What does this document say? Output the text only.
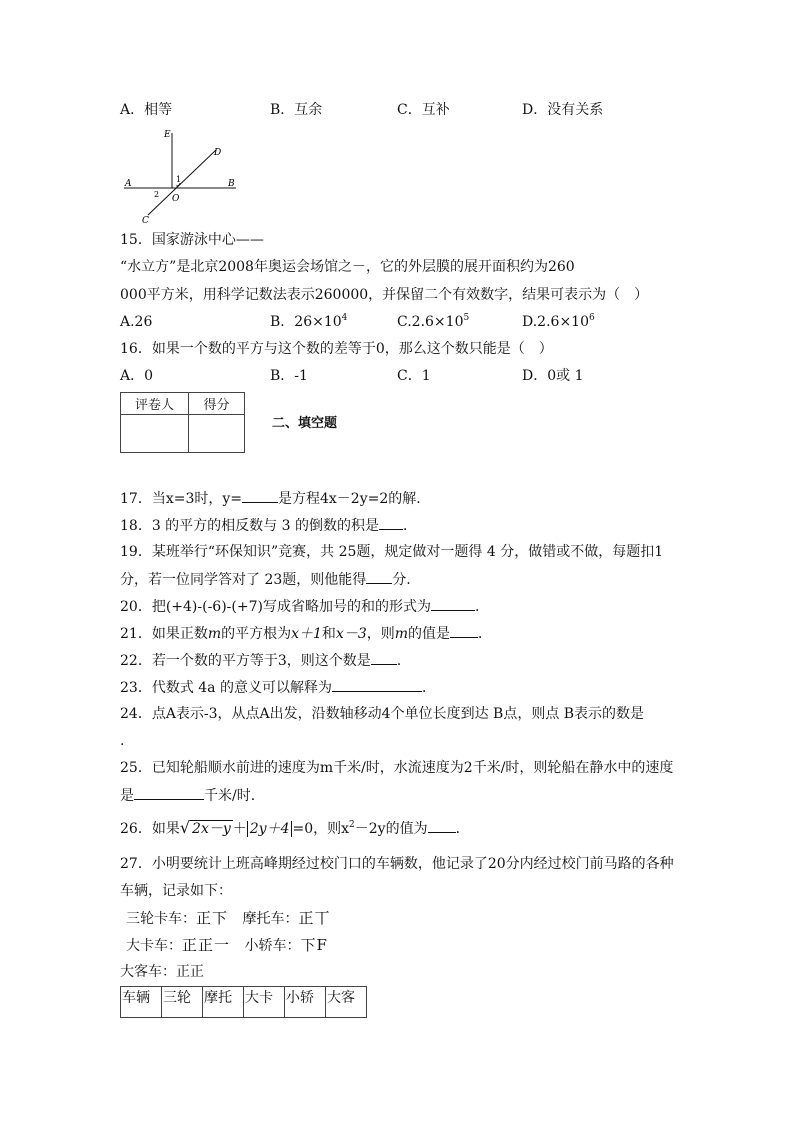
A．相等	B．互余	C．互补	D．没有关系
E
D
A	B
1
2 O
C
15．国家游泳中心——
“水立方”是北京2008年奥运会场馆之－，它的外层膜的展开面积约为260
000平方米，用科学记数法表示260000，并保留二个有效数字，结果可表示为（　）
A.26	B．$26\times 10^4$	$C.2.6\times 10^5$	$D.2.6\times 10^6$
16．如果一个数的平方与这个数的差等于0，那么这个数只能是（　）
A．0	B．-1	C．1	D．0或 1
评卷人	得分

二、填空题
17．当x=3时，y=	是方程4x－2y=2的解．
18．3 的平方的相反数与 3 的倒数的积是 ．
19．某班举行“环保知识”竞赛，共 25题，规定做对一题得 4 分，做错或不做，每题扣1
分，若一位同学答对了 23题，则他能得 分.
20．把(+4)-(-6)-(+7)写成省略加号的和的形式为	.
21．如果正数m的平方根为x＋1和x－3，则m的值是 ．
22．若一个数的平方等于3，则这个数是 .
23．代数式 4a 的意义可以解释为	．
24．点A表示-3，从点A出发，沿数轴移动4个单位长度到达 B点，则点 B表示的数是
.
25．已知轮船顺水前进的速度为m千米/时，水流速度为2千米/时，则轮船在静水中的速度
是	千米/时.
26．如果√ 2x－y ＋ 2y＋4 =0，则$x^2-2y$的值为 ．
27．小明要统计上班高峰期经过校门口的车辆数，他记录了20分内经过校门前马路的各种
车辆，记录如下：
三轮卡车：正下 摩托车：正丅
大卡车：正正一 小轿车：下F
大客车：正正
车辆	三轮	摩托	大卡	小轿	大客
